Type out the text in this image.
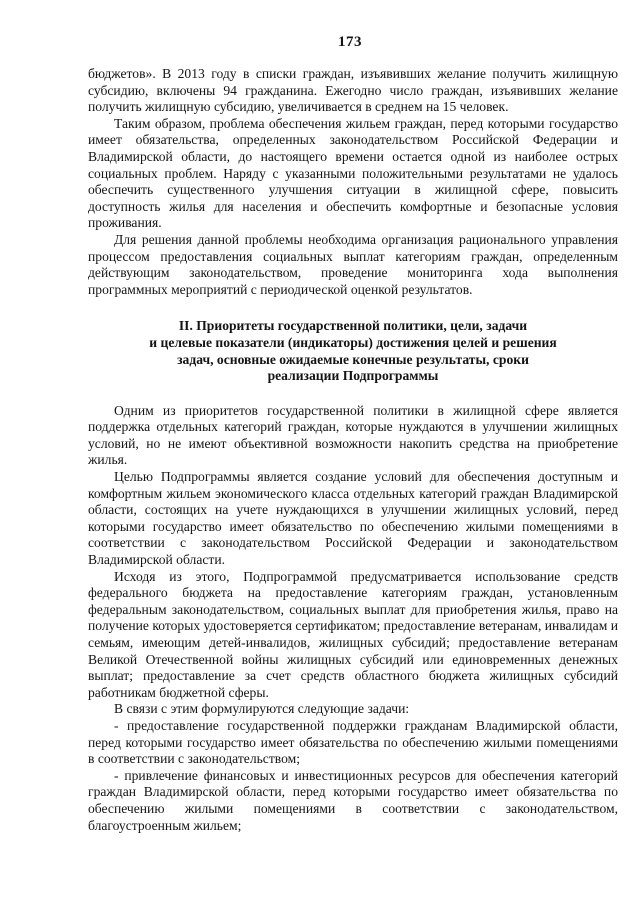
173

бюджетов». В 2013 году в списки граждан, изъявивших желание получить жилищную субсидию, включены 94 гражданина. Ежегодно число граждан, изъявивших желание получить жилищную субсидию, увеличивается в среднем на 15 человек.

Таким образом, проблема обеспечения жильем граждан, перед которыми государство имеет обязательства, определенных законодательством Российской Федерации и Владимирской области, до настоящего времени остается одной из наиболее острых социальных проблем. Наряду с указанными положительными результатами не удалось обеспечить существенного улучшения ситуации в жилищной сфере, повысить доступность жилья для населения и обеспечить комфортные и безопасные условия проживания.

Для решения данной проблемы необходима организация рационального управления процессом предоставления социальных выплат категориям граждан, определенным действующим законодательством, проведение мониторинга хода выполнения программных мероприятий с периодической оценкой результатов.

II. Приоритеты государственной политики, цели, задачи
и целевые показатели (индикаторы) достижения целей и решения
задач, основные ожидаемые конечные результаты, сроки
реализации Подпрограммы

Одним из приоритетов государственной политики в жилищной сфере является поддержка отдельных категорий граждан, которые нуждаются в улучшении жилищных условий, но не имеют объективной возможности накопить средства на приобретение жилья.

Целью Подпрограммы является создание условий для обеспечения доступным и комфортным жильем экономического класса отдельных категорий граждан Владимирской области, состоящих на учете нуждающихся в улучшении жилищных условий, перед которыми государство имеет обязательство по обеспечению жилыми помещениями в соответствии с законодательством Российской Федерации и законодательством Владимирской области.

Исходя из этого, Подпрограммой предусматривается использование средств федерального бюджета на предоставление категориям граждан, установленным федеральным законодательством, социальных выплат для приобретения жилья, право на получение которых удостоверяется сертификатом; предоставление ветеранам, инвалидам и семьям, имеющим детей-инвалидов, жилищных субсидий; предоставление ветеранам Великой Отечественной войны жилищных субсидий или единовременных денежных выплат; предоставление за счет средств областного бюджета жилищных субсидий работникам бюджетной сферы.

В связи с этим формулируются следующие задачи:

- предоставление государственной поддержки гражданам Владимирской области, перед которыми государство имеет обязательства по обеспечению жилыми помещениями в соответствии с законодательством;

- привлечение финансовых и инвестиционных ресурсов для обеспечения категорий граждан Владимирской области, перед которыми государство имеет обязательства по обеспечению жилыми помещениями в соответствии с законодательством, благоустроенным жильем;
